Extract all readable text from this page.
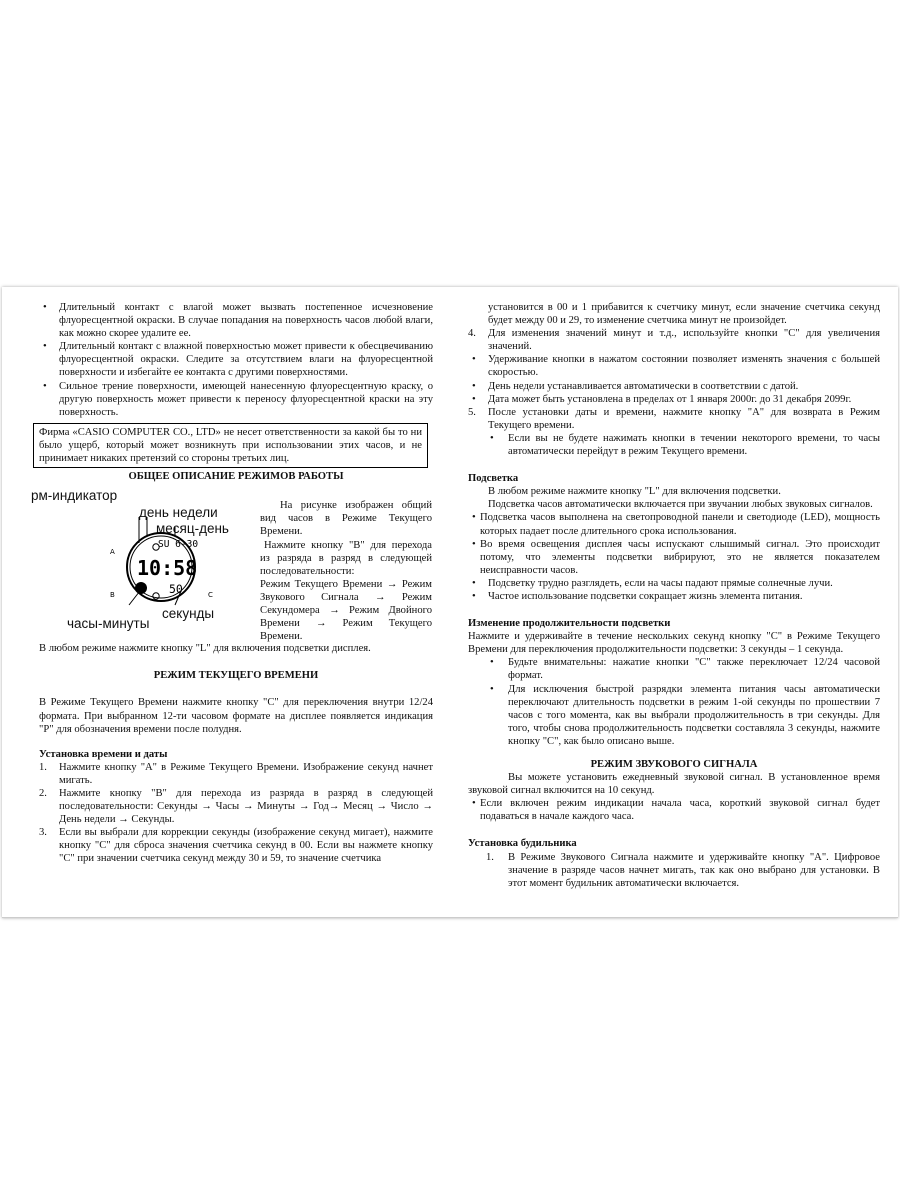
• Длительный контакт с влагой может вызвать постепенное исчезновение флуоресцентной окраски. В случае попадания на поверхность часов любой влаги, как можно скорее удалите ее.
• Длительный контакт с влажной поверхностью может привести к обесцвечиванию флуоресцентной окраски. Следите за отсутствием влаги на флуоресцентной поверхности и избегайте ее контакта с другими поверхностями.
• Сильное трение поверхности, имеющей нанесенную флуоресцентную краску, о другую поверхность может привести к переносу флуоресцентной краски на эту поверхность.

Фирма «CASIO COMPUTER CO., LTD» не несет ответственности за какой бы то ни было ущерб, который может возникнуть при использовании этих часов, и не принимает никаких претензий со стороны третьих лиц.

ОБЩЕЕ ОПИСАНИЕ РЕЖИМОВ РАБОТЫ
рм-индикатор
день недели
месяц-день
часы-минуты
секунды
SU 6-30
10:58
50
A
B	C

На рисунке изображен общий вид часов в Режиме Текущего Времени.

Нажмите кнопку "B" для перехода из разряда в разряд в следующей последовательности:

Режим Текущего Времени → Режим Звукового Сигнала → Режим Секундомера → Режим Двойного Времени → Режим Текущего Времени.

В любом режиме нажмите кнопку "L" для включения подсветки дисплея.

РЕЖИМ ТЕКУЩЕГО ВРЕМЕНИ

В Режиме Текущего Времени нажмите кнопку "C" для переключения внутри 12/24 формата. При выбранном 12-ти часовом формате на дисплее появляется индикация "P" для обозначения времени после полудня.

Установка времени и даты
1. Нажмите кнопку "A" в Режиме Текущего Времени. Изображение секунд начнет мигать.
2. Нажмите кнопку "B" для перехода из разряда в разряд в следующей последовательности: Секунды → Часы → Минуты → Год→ Месяц → Число → День недели → Секунды.
3. Если вы выбрали для коррекции секунды (изображение секунд мигает), нажмите кнопку "C" для сброса значения счетчика секунд в 00. Если вы нажмете кнопку "C" при значении счетчика секунд между 30 и 59, то значение счетчика

установится в 00 и 1 прибавится к счетчику минут, если значение счетчика секунд будет между 00 и 29, то изменение счетчика минут не произойдет.

4. Для изменения значений минут и т.д., используйте кнопки "C" для увеличения значений.
• Удерживание кнопки в нажатом состоянии позволяет изменять значения с большей скоростью.
• День недели устанавливается автоматически в соответствии с датой.
• Дата может быть установлена в пределах от 1 января 2000г. до 31 декабря 2099г.
5. После установки даты и времени, нажмите кнопку "A" для возврата в Режим Текущего времени.
• Если вы не будете нажимать кнопки в течении некоторого времени, то часы автоматически перейдут в режим Текущего времени.
Подсветка

В любом режиме нажмите кнопку "L" для включения подсветки.

Подсветка часов автоматически включается при звучании любых звуковых сигналов.

• Подсветка часов выполнена на светопроводной панели и светодиоде (LED), мощность которых падает после длительного срока использования.
• Во время освещения дисплея часы испускают слышимый сигнал. Это происходит потому, что элементы подсветки вибрируют, это не является показателем неисправности часов.
• Подсветку трудно разглядеть, если на часы падают прямые солнечные лучи.
• Частое использование подсветки сокращает жизнь элемента питания.
Изменение продолжительности подсветки

Нажмите и удерживайте в течение нескольких секунд кнопку "C" в Режиме Текущего Времени для переключения продолжительности подсветки: 3 секунды – 1 секунда.

• Будьте внимательны: нажатие кнопки "C" также переключает 12/24 часовой формат.
• Для исключения быстрой разрядки элемента питания часы автоматически переключают длительность подсветки в режим 1-ой секунды по прошествии 7 часов с того момента, как вы выбрали продолжительность в три секунды. Для того, чтобы снова продолжительность подсветки составляла 3 секунды, нажмите кнопку "C", как было описано выше.
РЕЖИМ ЗВУКОВОГО СИГНАЛА

Вы можете установить ежедневный звуковой сигнал. В установленное время звуковой сигнал включится на 10 секунд.

• Если включен режим индикации начала часа, короткий звуковой сигнал будет подаваться в начале каждого часа.
Установка будильника
1. В Режиме Звукового Сигнала нажмите и удерживайте кнопку "A". Цифровое значение в разряде часов начнет мигать, так как оно выбрано для установки. В этот момент будильник автоматически включается.
